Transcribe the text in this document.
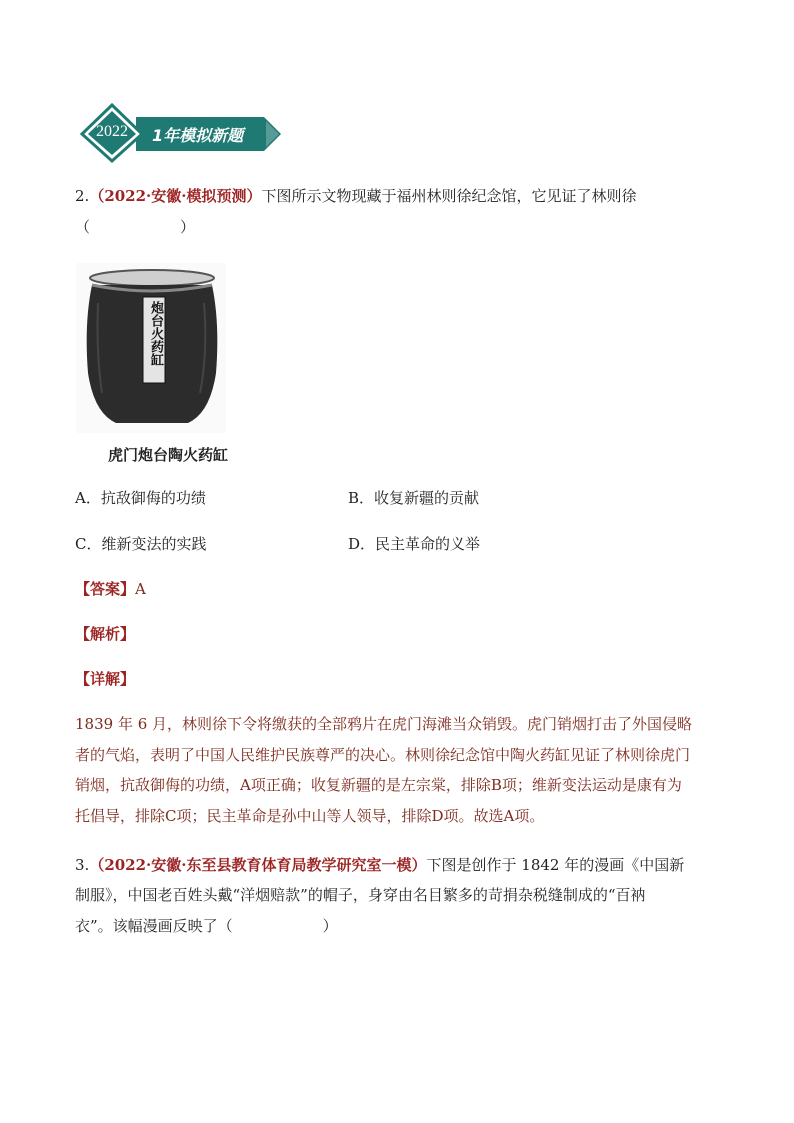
2022	1年模拟新题
2.（2022·安徽·模拟预测）下图所示文物现藏于福州林则徐纪念馆，它见证了林则徐
（　　　　　　）
炮台火药缸
虎门炮台陶火药缸
A．抗敌御侮的功绩	B．收复新疆的贡献
C．维新变法的实践	D．民主革命的义举
【答案】A
【解析】
【详解】
1839 年 6 月，林则徐下令将缴获的全部鸦片在虎门海滩当众销毁。虎门销烟打击了外国侵略
者的气焰，表明了中国人民维护民族尊严的决心。林则徐纪念馆中陶火药缸见证了林则徐虎门
销烟，抗敌御侮的功绩，A项正确；收复新疆的是左宗棠，排除B项；维新变法运动是康有为
托倡导，排除C项；民主革命是孙中山等人领导，排除D项。故选A项。
3.（2022·安徽·东至县教育体育局教学研究室一模）下图是创作于 1842 年的漫画《中国新
制服》，中国老百姓头戴“洋烟赔款”的帽子，身穿由名目繁多的苛捐杂税缝制成的“百衲
衣”。该幅漫画反映了（　　　　　　）
